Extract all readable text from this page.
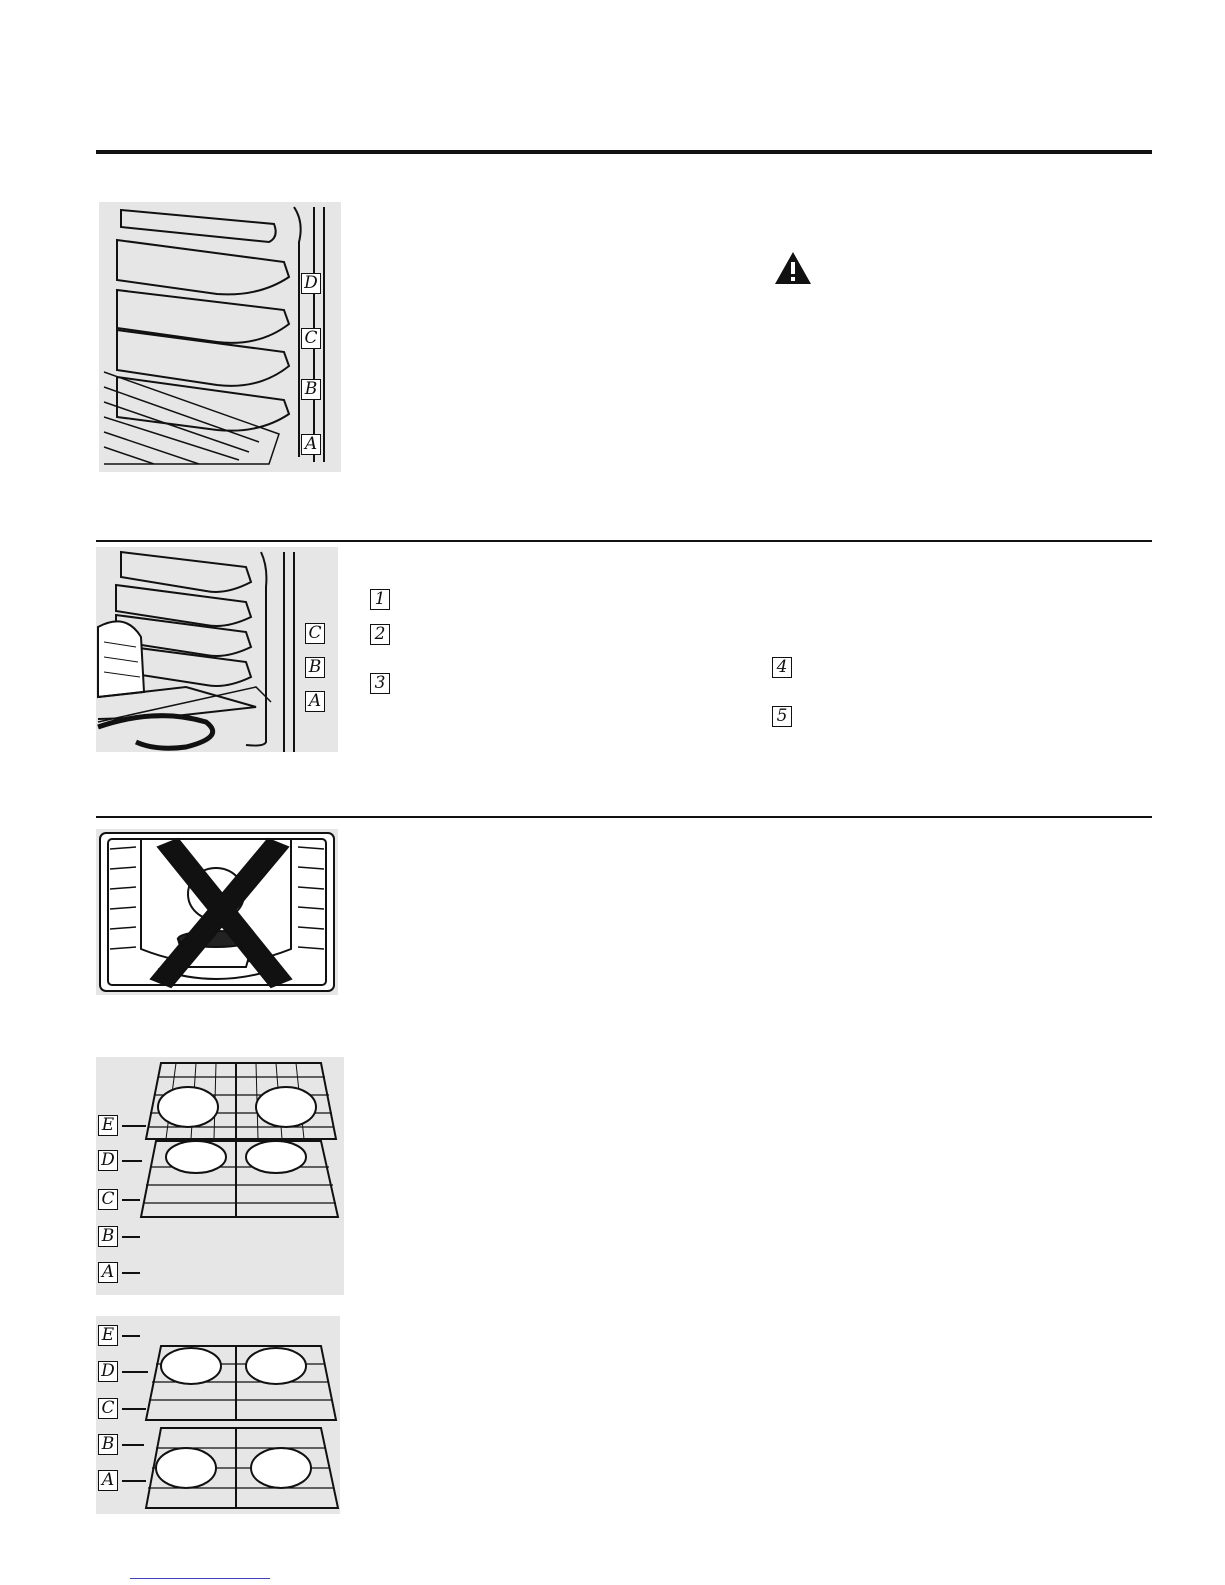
D
C
B
A
C
B
A
1
2
3
4
5
E
D
C
B
A
E
D
C
B
A
